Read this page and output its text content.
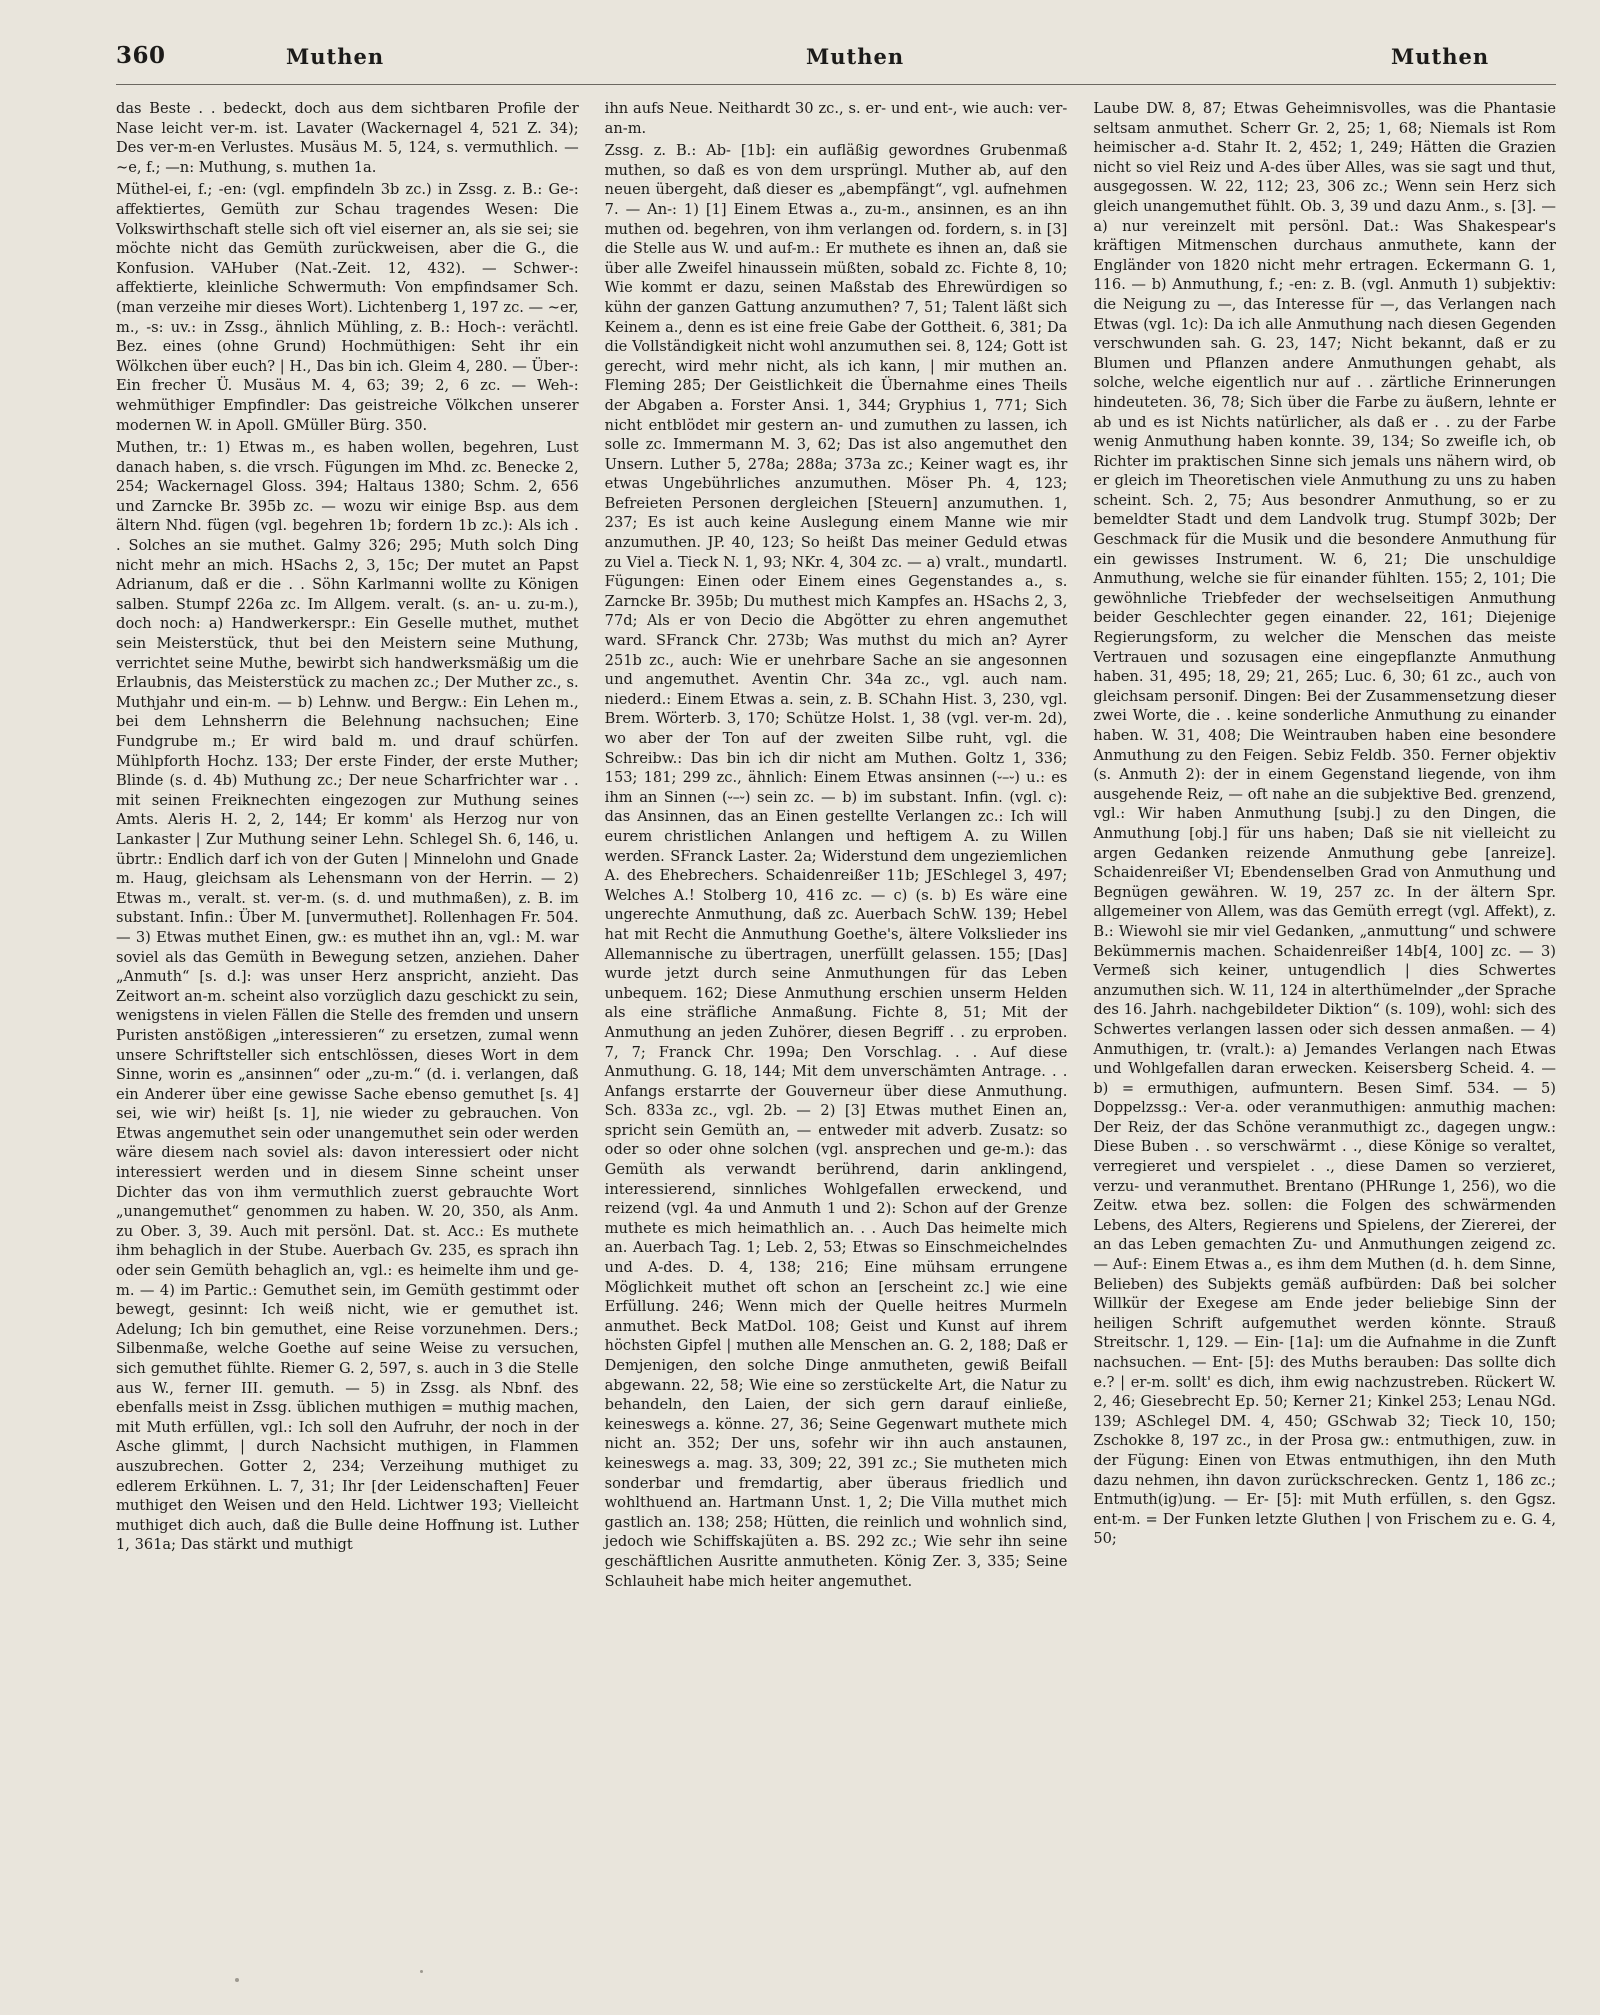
360	Muthen	Muthen	Muthen

das Beste . . bedeckt, doch aus dem sichtbaren Profile der Nase leicht ver-m. ist. Lavater (Wackernagel 4, 521 Z. 34); Des ver-m-en Verlustes. Musäus M. 5, 124, s. vermuthlich. — ~e, f.; —n: Muthung, s. muthen 1a.

Müthel-ei, f.; -en: (vgl. empfindeln 3b zc.) in Zssg. z. B.: Ge-: affektiertes, Gemüth zur Schau tragendes Wesen: Die Volkswirthschaft stelle sich oft viel eiserner an, als sie sei; sie möchte nicht das Gemüth zurückweisen, aber die G., die Konfusion. VAHuber (Nat.-Zeit. 12, 432). — Schwer-: affektierte, kleinliche Schwermuth: Von empfindsamer Sch. (man verzeihe mir dieses Wort). Lichtenberg 1, 197 zc. — ~er, m., -s: uv.: in Zssg., ähnlich Mühling, z. B.: Hoch-: verächtl. Bez. eines (ohne Grund) Hochmüthigen: Seht ihr ein Wölkchen über euch? | H., Das bin ich. Gleim 4, 280. — Über-: Ein frecher Ü. Musäus M. 4, 63; 39; 2, 6 zc. — Weh-: wehmüthiger Empfindler: Das geistreiche Völkchen unserer modernen W. in Apoll. GMüller Bürg. 350.

Muthen, tr.: 1) Etwas m., es haben wollen, begehren, Lust danach haben, s. die vrsch. Fügungen im Mhd. zc. Benecke 2, 254; Wackernagel Gloss. 394; Haltaus 1380; Schm. 2, 656 und Zarncke Br. 395b zc. — wozu wir einige Bsp. aus dem ältern Nhd. fügen (vgl. begehren 1b; fordern 1b zc.): Als ich . . Solches an sie muthet. Galmy 326; 295; Muth solch Ding nicht mehr an mich. HSachs 2, 3, 15c; Der mutet an Papst Adrianum, daß er die . . Söhn Karlmanni wollte zu Königen salben. Stumpf 226a zc. Im Allgem. veralt. (s. an- u. zu-m.), doch noch: a) Handwerkerspr.: Ein Geselle muthet, muthet sein Meisterstück, thut bei den Meistern seine Muthung, verrichtet seine Muthe, bewirbt sich handwerksmäßig um die Erlaubnis, das Meisterstück zu machen zc.; Der Muther zc., s. Muthjahr und ein-m. — b) Lehnw. und Bergw.: Ein Lehen m., bei dem Lehnsherrn die Belehnung nachsuchen; Eine Fundgrube m.; Er wird bald m. und drauf schürfen. Mühlpforth Hochz. 133; Der erste Finder, der erste Muther; Blinde (s. d. 4b) Muthung zc.; Der neue Scharfrichter war . . mit seinen Freiknechten eingezogen zur Muthung seines Amts. Aleris H. 2, 2, 144; Er komm' als Herzog nur von Lankaster | Zur Muthung seiner Lehn. Schlegel Sh. 6, 146, u. übrtr.: Endlich darf ich von der Guten | Minnelohn und Gnade m. Haug, gleichsam als Lehensmann von der Herrin. — 2) Etwas m., veralt. st. ver-m. (s. d. und muthmaßen), z. B. im substant. Infin.: Über M. [unvermuthet]. Rollenhagen Fr. 504. — 3) Etwas muthet Einen, gw.: es muthet ihn an, vgl.: M. war soviel als das Gemüth in Bewegung setzen, anziehen. Daher „Anmuth“ [s. d.]: was unser Herz anspricht, anzieht. Das Zeitwort an-m. scheint also vorzüglich dazu geschickt zu sein, wenigstens in vielen Fällen die Stelle des fremden und unsern Puristen anstößigen „interessieren“ zu ersetzen, zumal wenn unsere Schriftsteller sich entschlössen, dieses Wort in dem Sinne, worin es „ansinnen“ oder „zu-m.“ (d. i. verlangen, daß ein Anderer über eine gewisse Sache ebenso gemuthet [s. 4] sei, wie wir) heißt [s. 1], nie wieder zu gebrauchen. Von Etwas angemuthet sein oder unangemuthet sein oder werden wäre diesem nach soviel als: davon interessiert oder nicht interessiert werden und in diesem Sinne scheint unser Dichter das von ihm vermuthlich zuerst gebrauchte Wort „unangemuthet“ genommen zu haben. W. 20, 350, als Anm. zu Ober. 3, 39. Auch mit persönl. Dat. st. Acc.: Es muthete ihm behaglich in der Stube. Auerbach Gv. 235, es sprach ihn oder sein Gemüth behaglich an, vgl.: es heimelte ihm und ge-m. — 4) im Partic.: Gemuthet sein, im Gemüth gestimmt oder bewegt, gesinnt: Ich weiß nicht, wie er gemuthet ist. Adelung; Ich bin gemuthet, eine Reise vorzunehmen. Ders.; Silbenmaße, welche Goethe auf seine Weise zu versuchen, sich gemuthet fühlte. Riemer G. 2, 597, s. auch in 3 die Stelle aus W., ferner III. gemuth. — 5) in Zssg. als Nbnf. des ebenfalls meist in Zssg. üblichen muthigen = muthig machen, mit Muth erfüllen, vgl.: Ich soll den Aufruhr, der noch in der Asche glimmt, | durch Nachsicht muthigen, in Flammen auszubrechen. Gotter 2, 234; Verzeihung muthiget zu edlerem Erkühnen. L. 7, 31; Ihr [der Leidenschaften] Feuer muthiget den Weisen und den Held. Lichtwer 193; Vielleicht muthiget dich auch, daß die Bulle deine Hoffnung ist. Luther 1, 361a; Das stärkt und muthigt

ihn aufs Neue. Neithardt 30 zc., s. er- und ent-, wie auch: ver-an-m.

Zssg. z. B.: Ab- [1b]: ein aufläßig gewordnes Grubenmaß muthen, so daß es von dem ursprüngl. Muther ab, auf den neuen übergeht, daß dieser es „abempfängt“, vgl. aufnehmen 7. — An-: 1) [1] Einem Etwas a., zu-m., ansinnen, es an ihn muthen od. begehren, von ihm verlangen od. fordern, s. in [3] die Stelle aus W. und auf-m.: Er muthete es ihnen an, daß sie über alle Zweifel hinaussein müßten, sobald zc. Fichte 8, 10; Wie kommt er dazu, seinen Maßstab des Ehrewürdigen so kühn der ganzen Gattung anzumuthen? 7, 51; Talent läßt sich Keinem a., denn es ist eine freie Gabe der Gottheit. 6, 381; Da die Vollständigkeit nicht wohl anzumuthen sei. 8, 124; Gott ist gerecht, wird mehr nicht, als ich kann, | mir muthen an. Fleming 285; Der Geistlichkeit die Übernahme eines Theils der Abgaben a. Forster Ansi. 1, 344; Gryphius 1, 771; Sich nicht entblödet mir gestern an- und zumuthen zu lassen, ich solle zc. Immermann M. 3, 62; Das ist also angemuthet den Unsern. Luther 5, 278a; 288a; 373a zc.; Keiner wagt es, ihr etwas Ungebührliches anzumuthen. Möser Ph. 4, 123; Befreieten Personen dergleichen [Steuern] anzumuthen. 1, 237; Es ist auch keine Auslegung einem Manne wie mir anzumuthen. JP. 40, 123; So heißt Das meiner Geduld etwas zu Viel a. Tieck N. 1, 93; NKr. 4, 304 zc. — a) vralt., mundartl. Fügungen: Einen oder Einem eines Gegenstandes a., s. Zarncke Br. 395b; Du muthest mich Kampfes an. HSachs 2, 3, 77d; Als er von Decio die Abgötter zu ehren angemuthet ward. SFranck Chr. 273b; Was muthst du mich an? Ayrer 251b zc., auch: Wie er unehrbare Sache an sie angesonnen und angemuthet. Aventin Chr. 34a zc., vgl. auch nam. niederd.: Einem Etwas a. sein, z. B. SChahn Hist. 3, 230, vgl. Brem. Wörterb. 3, 170; Schütze Holst. 1, 38 (vgl. ver-m. 2d), wo aber der Ton auf der zweiten Silbe ruht, vgl. die Schreibw.: Das bin ich dir nicht am Muthen. Goltz 1, 336; 153; 181; 299 zc., ähnlich: Einem Etwas ansinnen (⏑–⏑) u.: es ihm an Sinnen (⏑–⏑) sein zc. — b) im substant. Infin. (vgl. c): das Ansinnen, das an Einen gestellte Verlangen zc.: Ich will eurem christlichen Anlangen und heftigem A. zu Willen werden. SFranck Laster. 2a; Widerstund dem ungeziemlichen A. des Ehebrechers. Schaidenreißer 11b; JESchlegel 3, 497; Welches A.! Stolberg 10, 416 zc. — c) (s. b) Es wäre eine ungerechte Anmuthung, daß zc. Auerbach SchW. 139; Hebel hat mit Recht die Anmuthung Goethe's, ältere Volkslieder ins Allemannische zu übertragen, unerfüllt gelassen. 155; [Das] wurde jetzt durch seine Anmuthungen für das Leben unbequem. 162; Diese Anmuthung erschien unserm Helden als eine sträfliche Anmaßung. Fichte 8, 51; Mit der Anmuthung an jeden Zuhörer, diesen Begriff . . zu erproben. 7, 7; Franck Chr. 199a; Den Vorschlag. . . Auf diese Anmuthung. G. 18, 144; Mit dem unverschämten Antrage. . . Anfangs erstarrte der Gouverneur über diese Anmuthung. Sch. 833a zc., vgl. 2b. — 2) [3] Etwas muthet Einen an, spricht sein Gemüth an, — entweder mit adverb. Zusatz: so oder so oder ohne solchen (vgl. ansprechen und ge-m.): das Gemüth als verwandt berührend, darin anklingend, interessierend, sinnliches Wohlgefallen erweckend, und reizend (vgl. 4a und Anmuth 1 und 2): Schon auf der Grenze muthete es mich heimathlich an. . . Auch Das heimelte mich an. Auerbach Tag. 1; Leb. 2, 53; Etwas so Einschmeichelndes und A-des. D. 4, 138; 216; Eine mühsam errungene Möglichkeit muthet oft schon an [erscheint zc.] wie eine Erfüllung. 246; Wenn mich der Quelle heitres Murmeln anmuthet. Beck MatDol. 108; Geist und Kunst auf ihrem höchsten Gipfel | muthen alle Menschen an. G. 2, 188; Daß er Demjenigen, den solche Dinge anmutheten, gewiß Beifall abgewann. 22, 58; Wie eine so zerstückelte Art, die Natur zu behandeln, den Laien, der sich gern darauf einließe, keineswegs a. könne. 27, 36; Seine Gegenwart muthete mich nicht an. 352; Der uns, sofehr wir ihn auch anstaunen, keineswegs a. mag. 33, 309; 22, 391 zc.; Sie mutheten mich sonderbar und fremdartig, aber überaus friedlich und wohlthuend an. Hartmann Unst. 1, 2; Die Villa muthet mich gastlich an. 138; 258; Hütten, die reinlich und wohnlich sind, jedoch wie Schiffskajüten a. BS. 292 zc.; Wie sehr ihn seine geschäftlichen Ausritte anmutheten. König Zer. 3, 335; Seine Schlauheit habe mich heiter angemuthet.

Laube DW. 8, 87; Etwas Geheimnisvolles, was die Phantasie seltsam anmuthet. Scherr Gr. 2, 25; 1, 68; Niemals ist Rom heimischer a-d. Stahr It. 2, 452; 1, 249; Hätten die Grazien nicht so viel Reiz und A-des über Alles, was sie sagt und thut, ausgegossen. W. 22, 112; 23, 306 zc.; Wenn sein Herz sich gleich unangemuthet fühlt. Ob. 3, 39 und dazu Anm., s. [3]. — a) nur vereinzelt mit persönl. Dat.: Was Shakespear's kräftigen Mitmenschen durchaus anmuthete, kann der Engländer von 1820 nicht mehr ertragen. Eckermann G. 1, 116. — b) Anmuthung, f.; -en: z. B. (vgl. Anmuth 1) subjektiv: die Neigung zu —, das Interesse für —, das Verlangen nach Etwas (vgl. 1c): Da ich alle Anmuthung nach diesen Gegenden verschwunden sah. G. 23, 147; Nicht bekannt, daß er zu Blumen und Pflanzen andere Anmuthungen gehabt, als solche, welche eigentlich nur auf . . zärtliche Erinnerungen hindeuteten. 36, 78; Sich über die Farbe zu äußern, lehnte er ab und es ist Nichts natürlicher, als daß er . . zu der Farbe wenig Anmuthung haben konnte. 39, 134; So zweifle ich, ob Richter im praktischen Sinne sich jemals uns nähern wird, ob er gleich im Theoretischen viele Anmuthung zu uns zu haben scheint. Sch. 2, 75; Aus besondrer Anmuthung, so er zu bemeldter Stadt und dem Landvolk trug. Stumpf 302b; Der Geschmack für die Musik und die besondere Anmuthung für ein gewisses Instrument. W. 6, 21; Die unschuldige Anmuthung, welche sie für einander fühlten. 155; 2, 101; Die gewöhnliche Triebfeder der wechselseitigen Anmuthung beider Geschlechter gegen einander. 22, 161; Diejenige Regierungsform, zu welcher die Menschen das meiste Vertrauen und sozusagen eine eingepflanzte Anmuthung haben. 31, 495; 18, 29; 21, 265; Luc. 6, 30; 61 zc., auch von gleichsam personif. Dingen: Bei der Zusammensetzung dieser zwei Worte, die . . keine sonderliche Anmuthung zu einander haben. W. 31, 408; Die Weintrauben haben eine besondere Anmuthung zu den Feigen. Sebiz Feldb. 350. Ferner objektiv (s. Anmuth 2): der in einem Gegenstand liegende, von ihm ausgehende Reiz, — oft nahe an die subjektive Bed. grenzend, vgl.: Wir haben Anmuthung [subj.] zu den Dingen, die Anmuthung [obj.] für uns haben; Daß sie nit vielleicht zu argen Gedanken reizende Anmuthung gebe [anreize]. Schaidenreißer VI; Ebendenselben Grad von Anmuthung und Begnügen gewähren. W. 19, 257 zc. In der ältern Spr. allgemeiner von Allem, was das Gemüth erregt (vgl. Affekt), z. B.: Wiewohl sie mir viel Gedanken, „anmuttung“ und schwere Bekümmernis machen. Schaidenreißer 14b[4, 100] zc. — 3) Vermeß sich keiner, untugendlich | dies Schwertes anzumuthen sich. W. 11, 124 in alterthümelnder „der Sprache des 16. Jahrh. nachgebildeter Diktion“ (s. 109), wohl: sich des Schwertes verlangen lassen oder sich dessen anmaßen. — 4) Anmuthigen, tr. (vralt.): a) Jemandes Verlangen nach Etwas und Wohlgefallen daran erwecken. Keisersberg Scheid. 4. — b) = ermuthigen, aufmuntern. Besen Simf. 534. — 5) Doppelzssg.: Ver-a. oder veranmuthigen: anmuthig machen: Der Reiz, der das Schöne veranmuthigt zc., dagegen ungw.: Diese Buben . . so verschwärmt . ., diese Könige so veraltet, verregieret und verspielet . ., diese Damen so verzieret, verzu- und veranmuthet. Brentano (PHRunge 1, 256), wo die Zeitw. etwa bez. sollen: die Folgen des schwärmenden Lebens, des Alters, Regierens und Spielens, der Ziererei, der an das Leben gemachten Zu- und Anmuthungen zeigend zc. — Auf-: Einem Etwas a., es ihm dem Muthen (d. h. dem Sinne, Belieben) des Subjekts gemäß aufbürden: Daß bei solcher Willkür der Exegese am Ende jeder beliebige Sinn der heiligen Schrift aufgemuthet werden könnte. Strauß Streitschr. 1, 129. — Ein- [1a]: um die Aufnahme in die Zunft nachsuchen. — Ent- [5]: des Muths berauben: Das sollte dich e.? | er-m. sollt' es dich, ihm ewig nachzustreben. Rückert W. 2, 46; Giesebrecht Ep. 50; Kerner 21; Kinkel 253; Lenau NGd. 139; ASchlegel DM. 4, 450; GSchwab 32; Tieck 10, 150; Zschokke 8, 197 zc., in der Prosa gw.: entmuthigen, zuw. in der Fügung: Einen von Etwas entmuthigen, ihn den Muth dazu nehmen, ihn davon zurückschrecken. Gentz 1, 186 zc.; Entmuth(ig)ung. — Er- [5]: mit Muth erfüllen, s. den Ggsz. ent-m. = Der Funken letzte Gluthen | von Frischem zu e. G. 4, 50;
